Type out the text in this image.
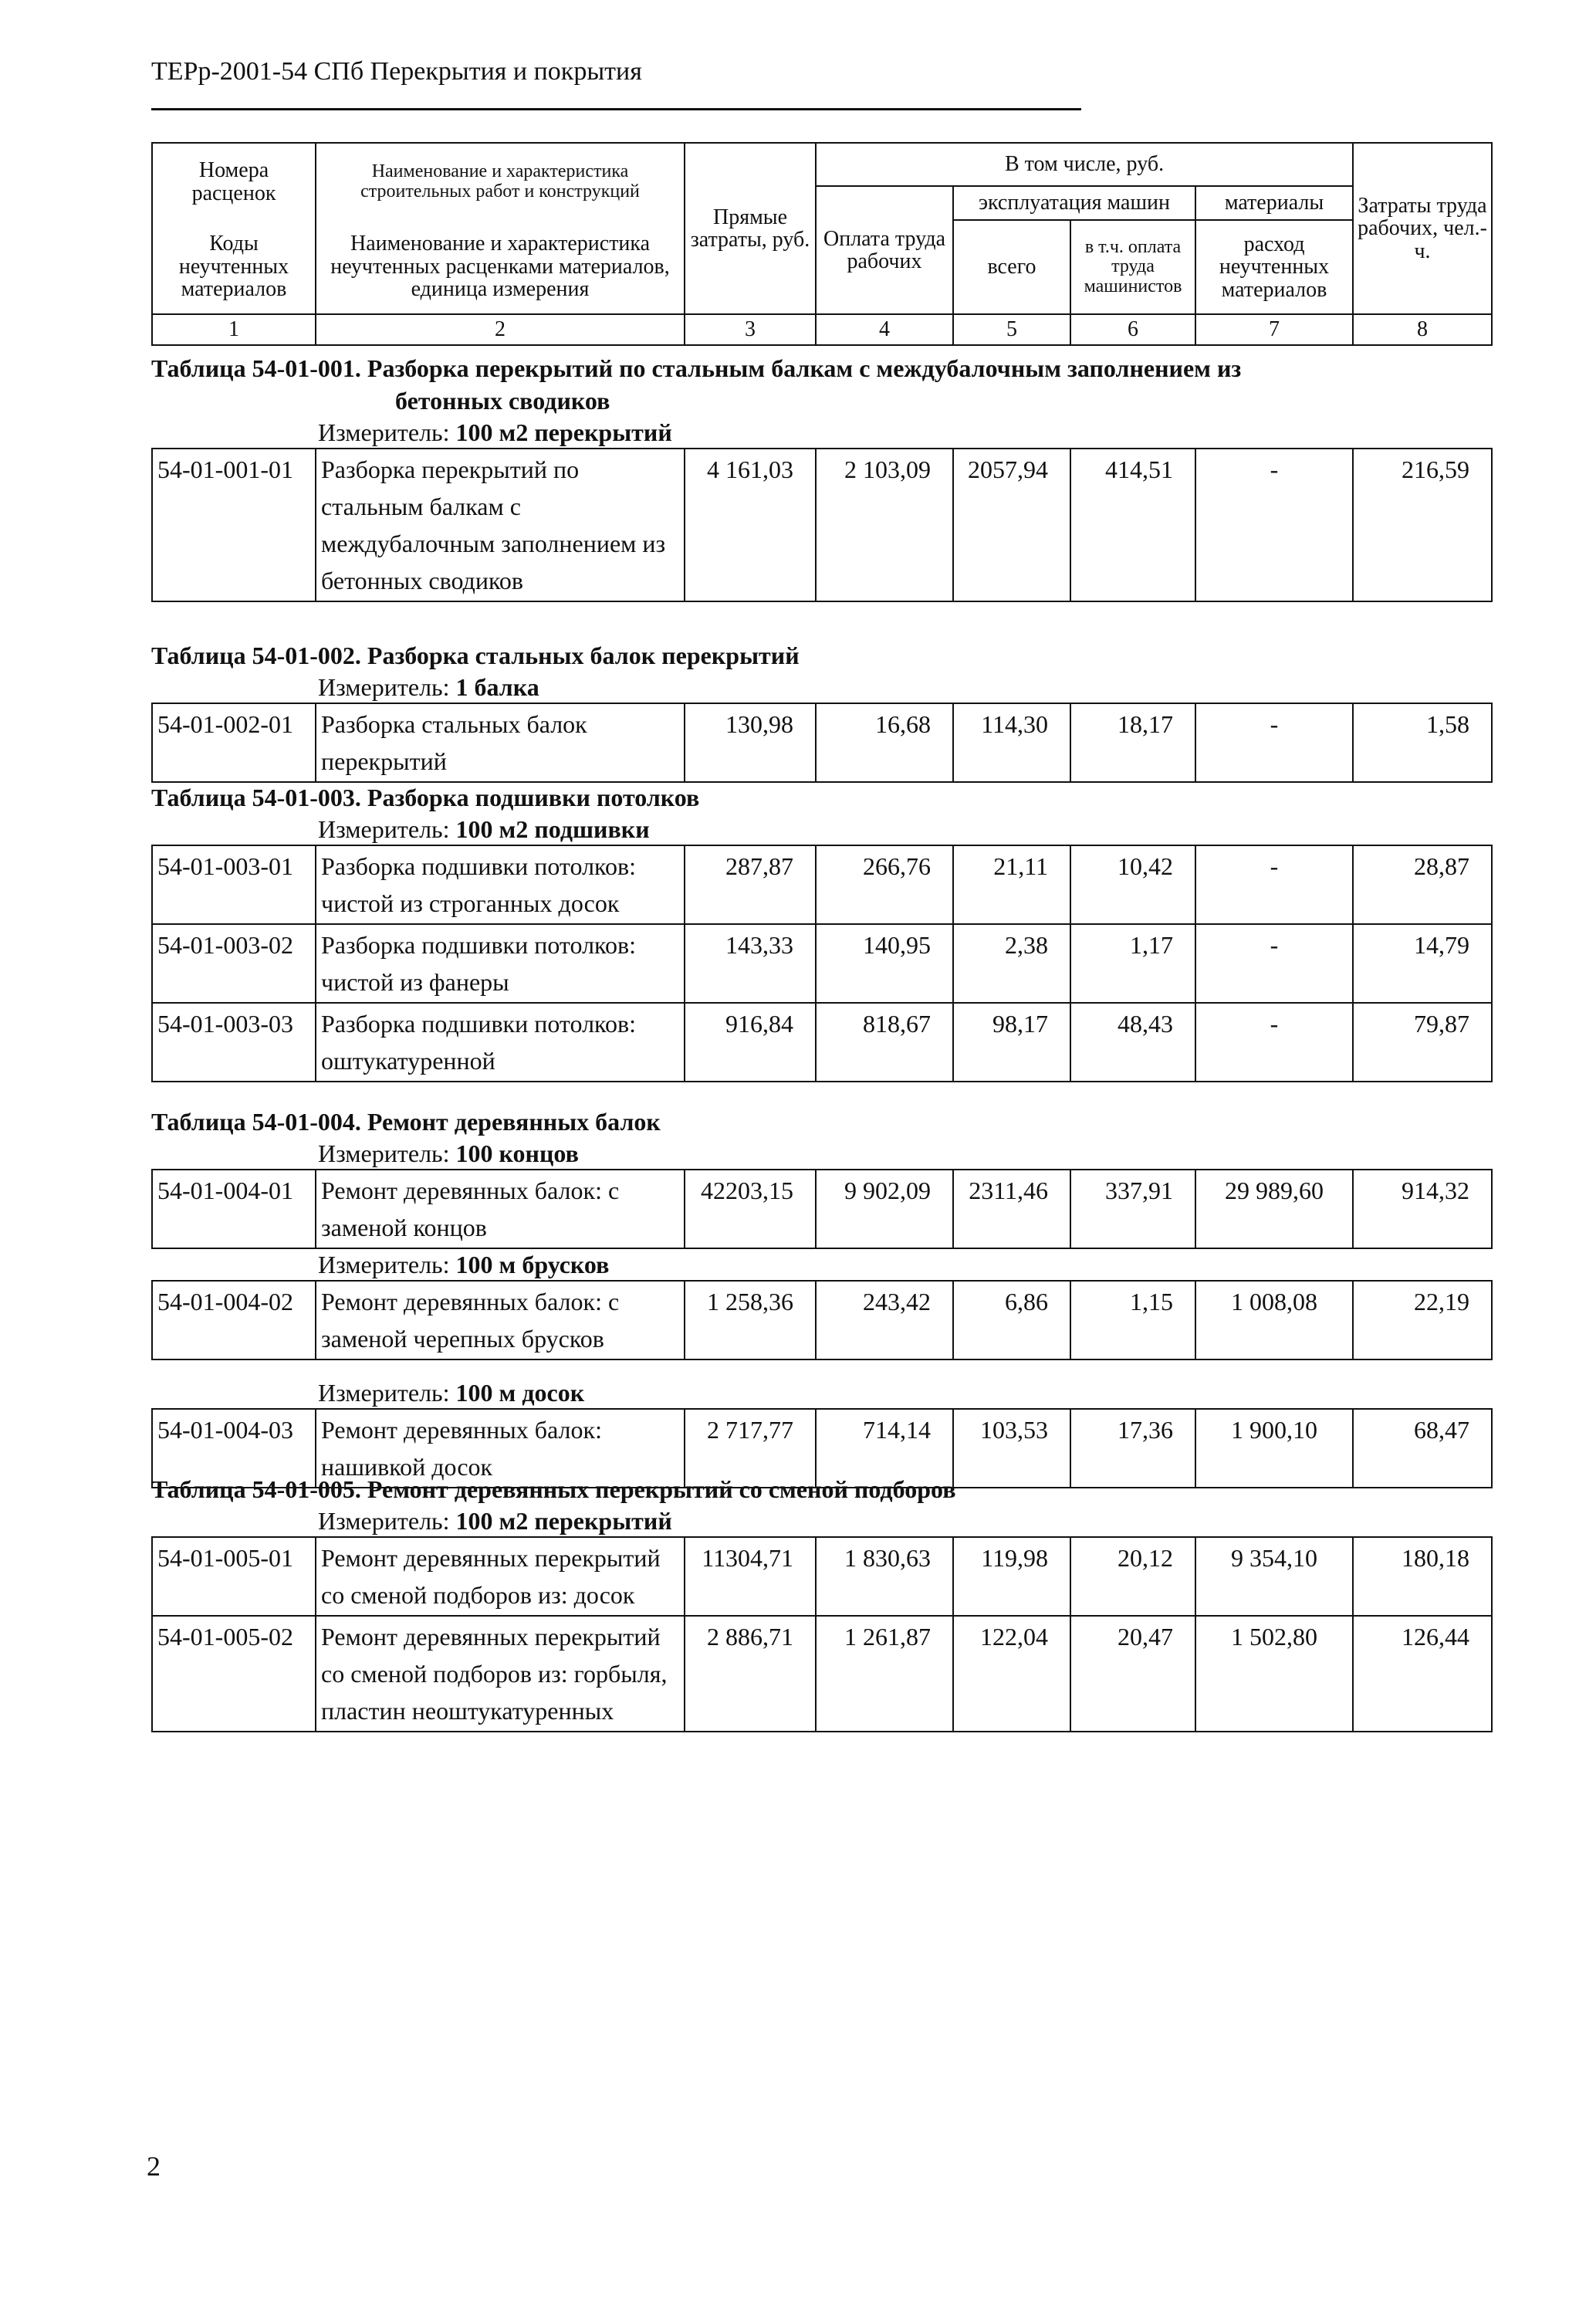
ТЕРр-2001-54 СПб Перекрытия и покрытия
Номера расценок	Наименование и характеристика строительных работ и конструкций	Прямые затраты, руб.	В том числе, руб.				Затраты труда рабочих, чел.-ч.
			Оплата труда рабочих	эксплуатация машин		материалы	
Коды неучтенных материалов	Наименование и характеристика неучтенных расценками материалов, единица измерения			всего	в т.ч. оплата труда машинистов	расход неучтенных материалов	
1	2	3	4	5	6	7	8
Таблица 54-01-001. Разборка перекрытий по стальным балкам с междубалочным заполнением из
бетонных сводиков
Измеритель: 100 м2 перекрытий
54-01-001-01	Разборка перекрытий по стальным балкам с междубалочным заполнением из бетонных сводиков	4 161,03	2 103,09	2057,94	414,51	-	216,59
Таблица 54-01-002. Разборка стальных балок перекрытий
Измеритель: 1 балка
54-01-002-01	Разборка стальных балок перекрытий	130,98	16,68	114,30	18,17	-	1,58
Таблица 54-01-003. Разборка подшивки потолков
Измеритель: 100 м2 подшивки
54-01-003-01	Разборка подшивки потолков: чистой из строганных досок	287,87	266,76	21,11	10,42	-	28,87
54-01-003-02	Разборка подшивки потолков: чистой из фанеры	143,33	140,95	2,38	1,17	-	14,79
54-01-003-03	Разборка подшивки потолков: оштукатуренной	916,84	818,67	98,17	48,43	-	79,87
Таблица 54-01-004. Ремонт деревянных балок
Измеритель: 100 концов
54-01-004-01	Ремонт деревянных балок: с заменой концов	42203,15	9 902,09	2311,46	337,91	29 989,60	914,32
Измеритель: 100 м брусков
54-01-004-02	Ремонт деревянных балок: с заменой черепных брусков	1 258,36	243,42	6,86	1,15	1 008,08	22,19
Измеритель: 100 м досок
54-01-004-03	Ремонт деревянных балок: нашивкой досок	2 717,77	714,14	103,53	17,36	1 900,10	68,47
Таблица 54-01-005. Ремонт деревянных перекрытий со сменой подборов
Измеритель: 100 м2 перекрытий
54-01-005-01	Ремонт деревянных перекрытий со сменой подборов из: досок	11304,71	1 830,63	119,98	20,12	9 354,10	180,18
54-01-005-02	Ремонт деревянных перекрытий со сменой подборов из: горбыля, пластин неоштукатуренных	2 886,71	1 261,87	122,04	20,47	1 502,80	126,44
2
